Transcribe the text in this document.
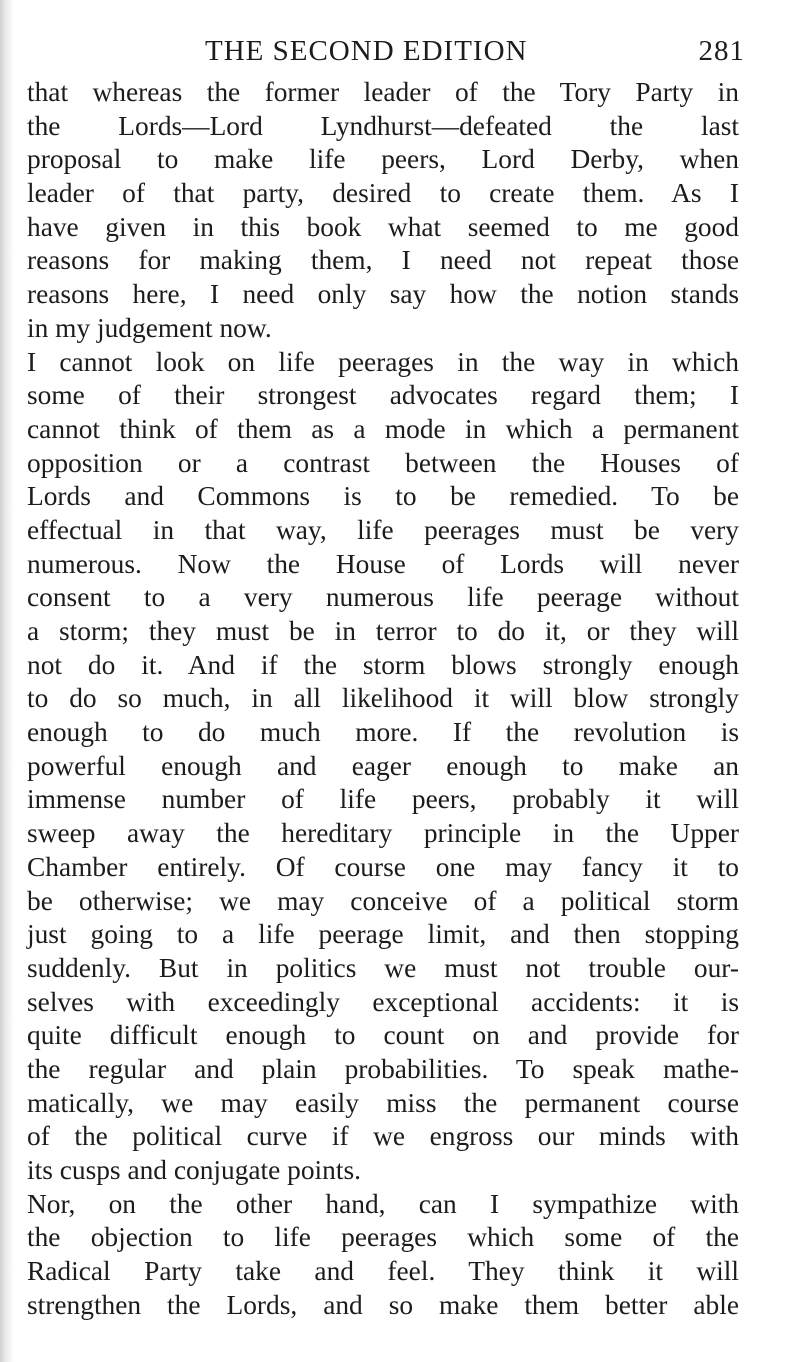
THE SECOND EDITION	281
that whereas the former leader of the Tory Party in
the Lords—Lord Lyndhurst—defeated the last
proposal to make life peers, Lord Derby, when
leader of that party, desired to create them. As I
have given in this book what seemed to me good
reasons for making them, I need not repeat those
reasons here, I need only say how the notion stands
in my judgement now.
I cannot look on life peerages in the way in which
some of their strongest advocates regard them; I
cannot think of them as a mode in which a permanent
opposition or a contrast between the Houses of
Lords and Commons is to be remedied. To be
effectual in that way, life peerages must be very
numerous. Now the House of Lords will never
consent to a very numerous life peerage without
a storm; they must be in terror to do it, or they will
not do it. And if the storm blows strongly enough
to do so much, in all likelihood it will blow strongly
enough to do much more. If the revolution is
powerful enough and eager enough to make an
immense number of life peers, probably it will
sweep away the hereditary principle in the Upper
Chamber entirely. Of course one may fancy it to
be otherwise; we may conceive of a political storm
just going to a life peerage limit, and then stopping
suddenly. But in politics we must not trouble our-
selves with exceedingly exceptional accidents: it is
quite difficult enough to count on and provide for
the regular and plain probabilities. To speak mathe-
matically, we may easily miss the permanent course
of the political curve if we engross our minds with
its cusps and conjugate points.
Nor, on the other hand, can I sympathize with
the objection to life peerages which some of the
Radical Party take and feel. They think it will
strengthen the Lords, and so make them better able
